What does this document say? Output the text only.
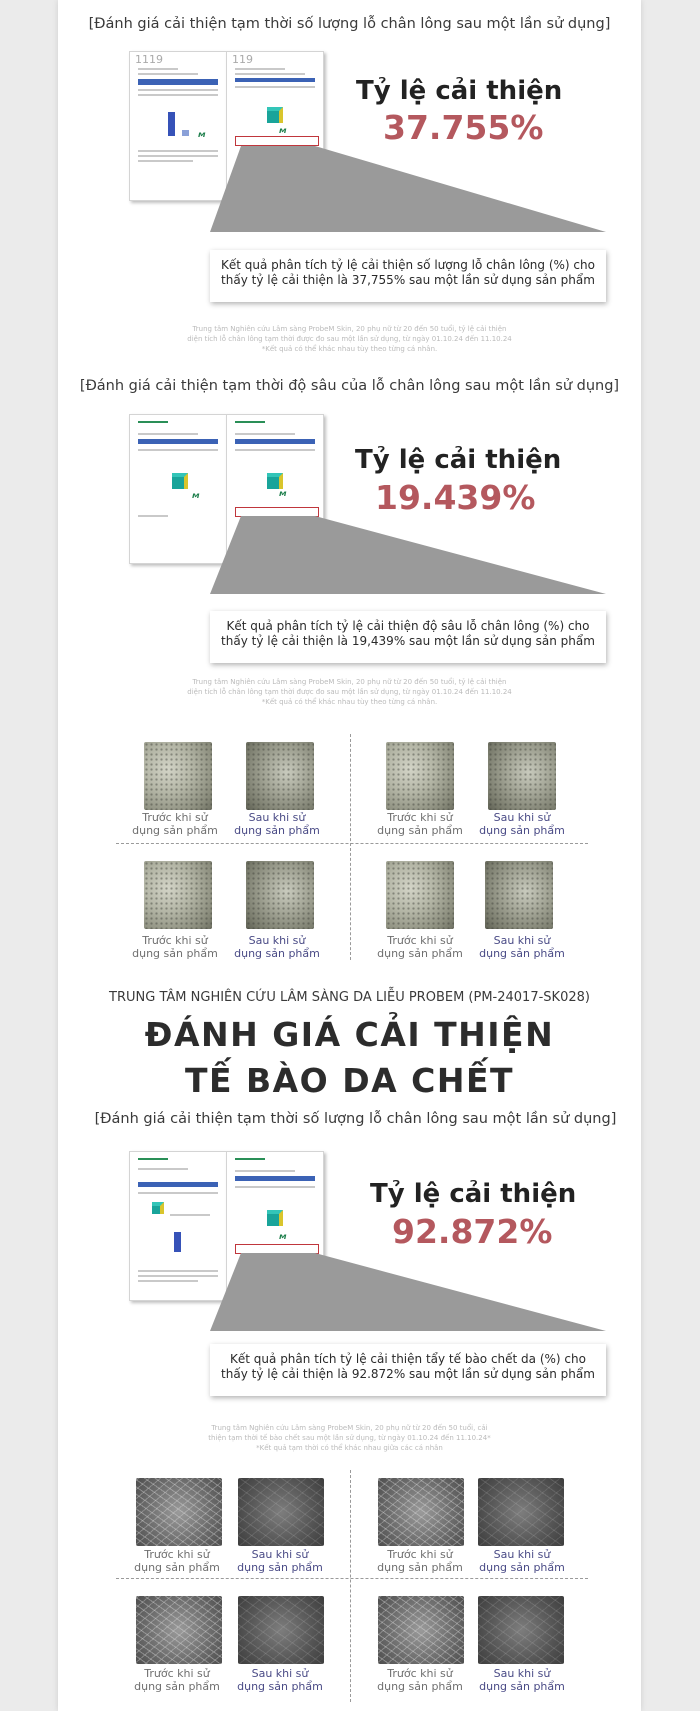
[Đánh giá cải thiện tạm thời số lượng lỗ chân lông sau một lần sử dụng]
1119
ᴹ
119
ᴹ
Tỷ lệ cải thiện
37.755%
Kết quả phân tích tỷ lệ cải thiện số lượng lỗ chân lông (%) cho
thấy tỷ lệ cải thiện là 37,755% sau một lần sử dụng sản phẩm
Trung tâm Nghiên cứu Lâm sàng ProbeM Skin, 20 phụ nữ từ 20 đến 50 tuổi, tỷ lệ cải thiện
diện tích lỗ chân lông tạm thời được đo sau một lần sử dụng, từ ngày 01.10.24 đến 11.10.24
*Kết quả có thể khác nhau tùy theo từng cá nhân.
[Đánh giá cải thiện tạm thời độ sâu của lỗ chân lông sau một lần sử dụng]
ᴹ	ᴹ
Tỷ lệ cải thiện
19.439%
Kết quả phân tích tỷ lệ cải thiện độ sâu lỗ chân lông (%) cho
thấy tỷ lệ cải thiện là 19,439% sau một lần sử dụng sản phẩm
Trung tâm Nghiên cứu Lâm sàng ProbeM Skin, 20 phụ nữ từ 20 đến 50 tuổi, tỷ lệ cải thiện
diện tích lỗ chân lông tạm thời được đo sau một lần sử dụng, từ ngày 01.10.24 đến 11.10.24
*Kết quả có thể khác nhau tùy theo từng cá nhân.
Trước khi sử
dụng sản phẩm
Sau khi sử
dụng sản phẩm
Trước khi sử
dụng sản phẩm
Sau khi sử
dụng sản phẩm
Trước khi sử
dụng sản phẩm
Sau khi sử
dụng sản phẩm
Trước khi sử
dụng sản phẩm
Sau khi sử
dụng sản phẩm
TRUNG TÂM NGHIÊN CỨU LÂM SÀNG DA LIỄU PROBEM (PM-24017-SK028)
ĐÁNH GIÁ CẢI THIỆN
TẾ BÀO DA CHẾT
[Đánh giá cải thiện tạm thời số lượng lỗ chân lông sau một lần sử dụng]
ᴹ
Tỷ lệ cải thiện
92.872%
Kết quả phân tích tỷ lệ cải thiện tẩy tế bào chết da (%) cho
thấy tỷ lệ cải thiện là 92.872% sau một lần sử dụng sản phẩm
Trung tâm Nghiên cứu Lâm sàng ProbeM Skin, 20 phụ nữ từ 20 đến 50 tuổi, cải
thiện tạm thời tế bào chết sau một lần sử dụng, từ ngày 01.10.24 đến 11.10.24*
*Kết quả tạm thời có thể khác nhau giữa các cá nhân
Trước khi sử
dụng sản phẩm
Sau khi sử
dụng sản phẩm
Trước khi sử
dụng sản phẩm
Sau khi sử
dụng sản phẩm
Trước khi sử
dụng sản phẩm
Sau khi sử
dụng sản phẩm
Trước khi sử
dụng sản phẩm
Sau khi sử
dụng sản phẩm
